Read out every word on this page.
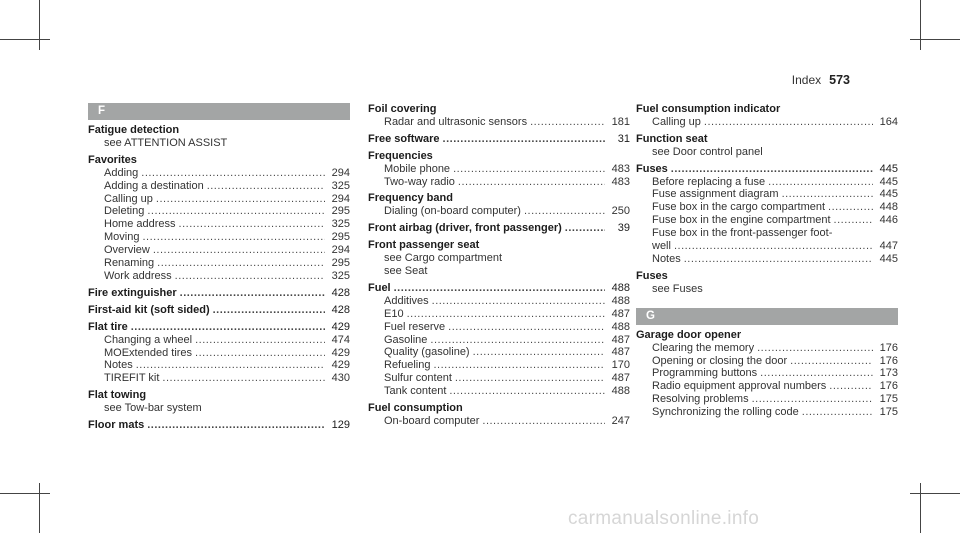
Index 573
F
Fatigue detection
see ATTENTION ASSIST
Favorites
Adding .....	294
Adding a destination .....	325
Calling up .....	294
Deleting .....	295
Home address .....	325
Moving .....	295
Overview .....	294
Renaming .....	295
Work address .....	325
Fire extinguisher .....	428
First-aid kit (soft sided) .....	428
Flat tire .....	429
Changing a wheel .....	474
MOExtended tires .....	429
Notes .....	429
TIREFIT kit .....	430
Flat towing
see Tow-bar system
Floor mats .....	129
Foil covering
Radar and ultrasonic sensors .....	181
Free software .....	31
Frequencies
Mobile phone .....	483
Two-way radio .....	483
Frequency band
Dialing (on-board computer) .....	250
Front airbag (driver, front passenger) .....	39
Front passenger seat
see Cargo compartment
see Seat
Fuel .....	488
Additives .....	488
E10 .....	487
Fuel reserve .....	488
Gasoline .....	487
Quality (gasoline) .....	487
Refueling .....	170
Sulfur content .....	487
Tank content .....	488
Fuel consumption
On-board computer .....	247
Fuel consumption indicator
Calling up .....	164
Function seat
see Door control panel
Fuses .....	445
Before replacing a fuse .....	445
Fuse assignment diagram .....	445
Fuse box in the cargo compartment .....	448
Fuse box in the engine compartment .....	446
Fuse box in the front-passenger foot-
well .....	447
Notes .....	445
Fuses
see Fuses
G
Garage door opener
Clearing the memory .....	176
Opening or closing the door .....	176
Programming buttons .....	173
Radio equipment approval numbers .....	176
Resolving problems .....	175
Synchronizing the rolling code .....	175
carmanualsonline.info
